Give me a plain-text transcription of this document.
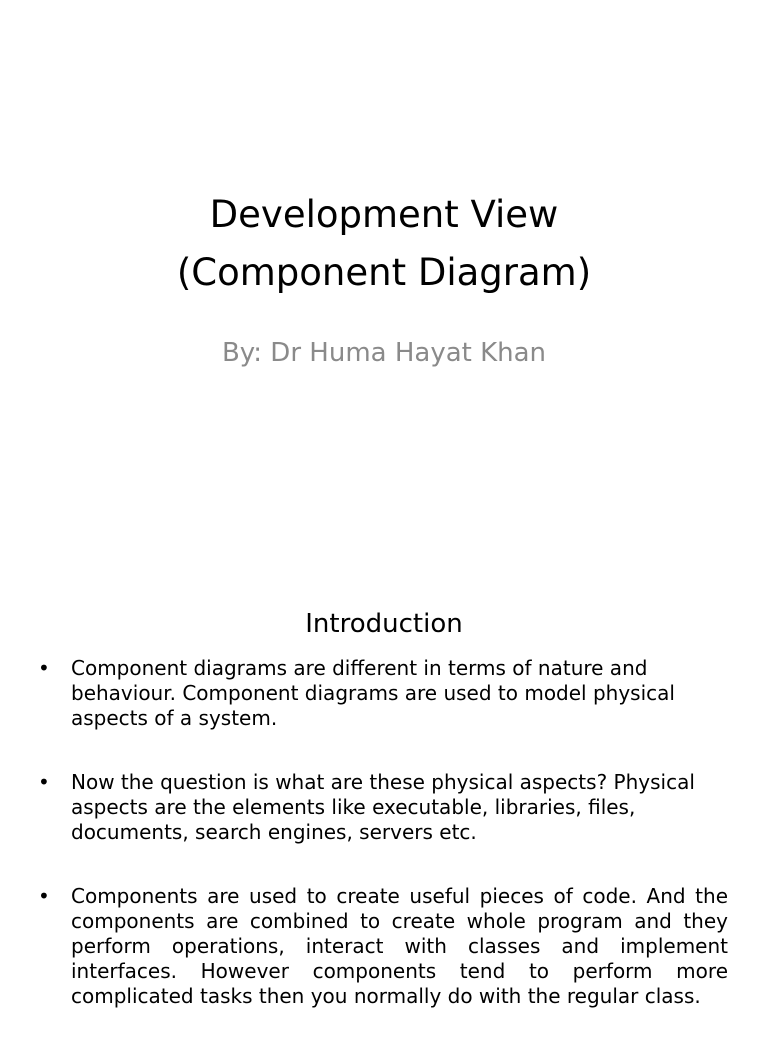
Development View
(Component Diagram)

By: Dr Huma Hayat Khan

Introduction
• Component diagrams are different in terms of nature and behaviour. Component diagrams are used to model physical aspects of a system.
• Now the question is what are these physical aspects? Physical aspects are the elements like executable, libraries, files, documents, search engines, servers etc.
• Components are used to create useful pieces of code. And the components are combined to create whole program and they perform operations, interact with classes and implement interfaces. However components tend to perform more complicated tasks then you normally do with the regular class.
